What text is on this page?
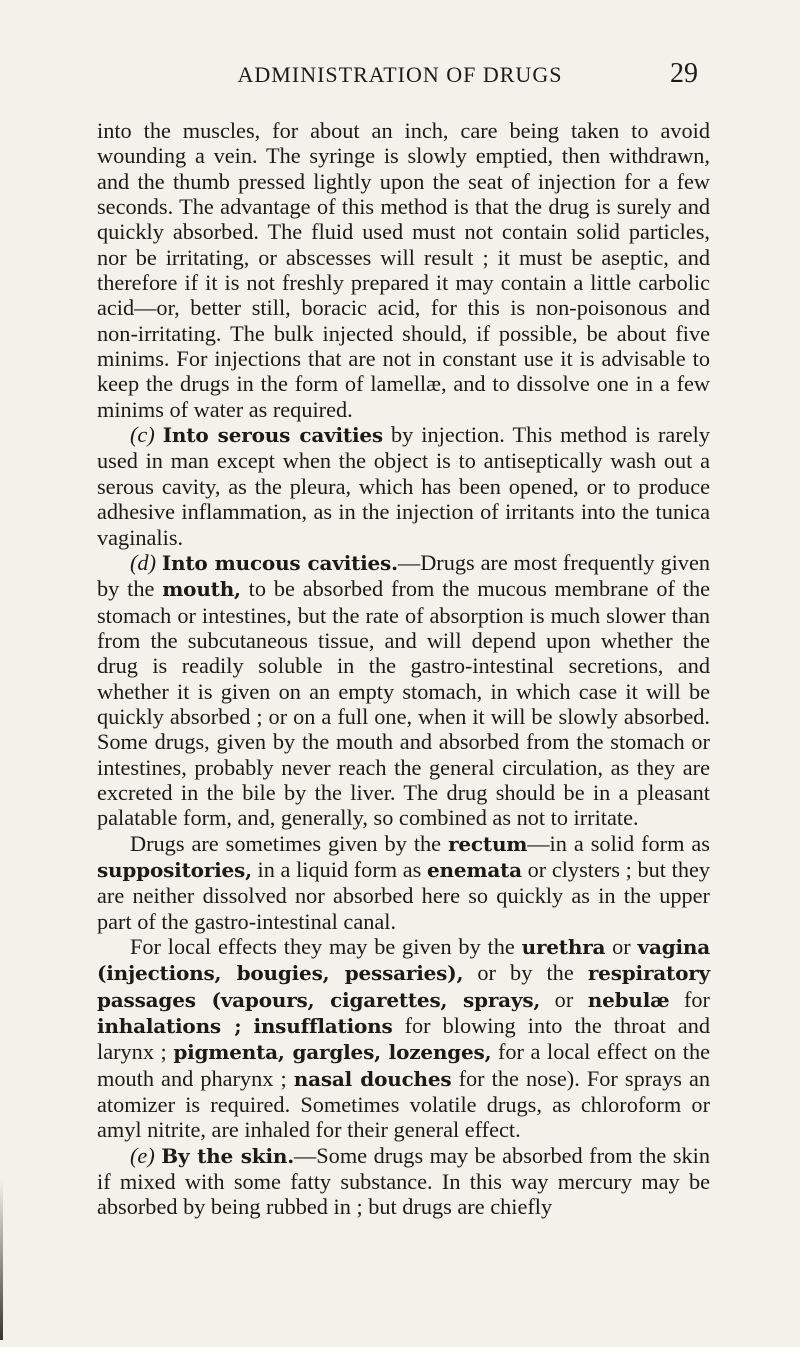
ADMINISTRATION OF DRUGS	29

into the muscles, for about an inch, care being taken to avoid wounding a vein. The syringe is slowly emptied, then withdrawn, and the thumb pressed lightly upon the seat of injection for a few seconds. The advantage of this method is that the drug is surely and quickly absorbed. The fluid used must not contain solid particles, nor be irritating, or abscesses will result ; it must be aseptic, and therefore if it is not freshly prepared it may contain a little carbolic acid—or, better still, boracic acid, for this is non-poisonous and non-irritating. The bulk injected should, if possible, be about five minims. For injections that are not in constant use it is advisable to keep the drugs in the form of lamellæ, and to dissolve one in a few minims of water as required.

(c) Into serous cavities by injection. This method is rarely used in man except when the object is to antiseptically wash out a serous cavity, as the pleura, which has been opened, or to produce adhesive inflammation, as in the injection of irritants into the tunica vaginalis.

(d) Into mucous cavities.—Drugs are most frequently given by the mouth, to be absorbed from the mucous membrane of the stomach or intestines, but the rate of absorption is much slower than from the subcutaneous tissue, and will depend upon whether the drug is readily soluble in the gastro-intestinal secretions, and whether it is given on an empty stomach, in which case it will be quickly absorbed ; or on a full one, when it will be slowly absorbed. Some drugs, given by the mouth and absorbed from the stomach or intestines, probably never reach the general circulation, as they are excreted in the bile by the liver. The drug should be in a pleasant palatable form, and, generally, so combined as not to irritate.

Drugs are sometimes given by the rectum—in a solid form as suppositories, in a liquid form as enemata or clysters ; but they are neither dissolved nor absorbed here so quickly as in the upper part of the gastro-intestinal canal.

For local effects they may be given by the urethra or vagina (injections, bougies, pessaries), or by the respiratory passages (vapours, cigarettes, sprays, or nebulæ for inhalations ; insufflations for blowing into the throat and larynx ; pigmenta, gargles, lozenges, for a local effect on the mouth and pharynx ; nasal douches for the nose). For sprays an atomizer is required. Sometimes volatile drugs, as chloroform or amyl nitrite, are inhaled for their general effect.

(e) By the skin.—Some drugs may be absorbed from the skin if mixed with some fatty substance. In this way mercury may be absorbed by being rubbed in ; but drugs are chiefly
